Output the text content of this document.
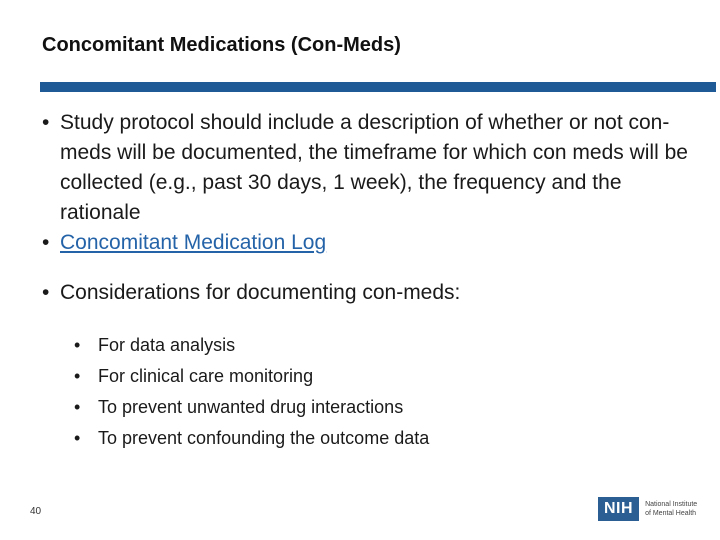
Concomitant Medications (Con-Meds)
• Study protocol should include a description of whether or not con-meds will be documented, the timeframe for which con meds will be collected (e.g., past 30 days, 1 week), the frequency and the rationale
• Concomitant Medication Log
• Considerations for documenting con-meds:
• For data analysis
• For clinical care monitoring
• To prevent unwanted drug interactions
• To prevent confounding the outcome data
40	NIH	National Institute
of Mental Health
